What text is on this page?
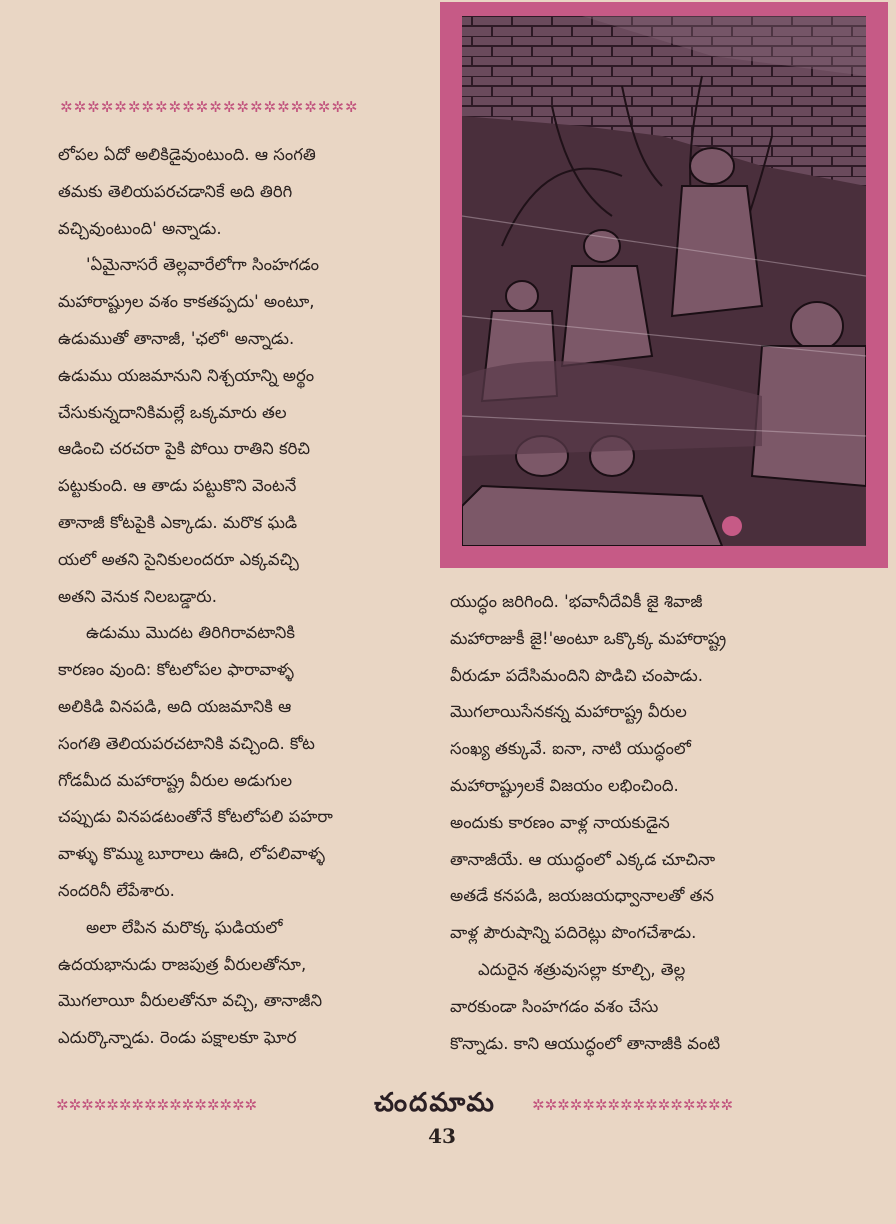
✲✲✲✲✲✲✲✲✲✲✲✲✲✲✲✲✲✲✲✲✲✲

లోపల ఏదో అలికిడైవుంటుంది. ఆ సంగతి

తమకు తెలియపరచడానికే అది తిరిగి

వచ్చివుంటుంది' అన్నాడు.

'ఏమైనాసరే తెల్లవారేలోగా సింహగడం

మహారాష్ట్రుల వశం కాకతప్పదు' అంటూ,

ఉడుముతో తానాజీ, 'ఛలో' అన్నాడు.

ఉడుము యజమానుని నిశ్చయాన్ని అర్థం

చేసుకున్నదానికిమల్లే ఒక్కమారు తల

ఆడించి చరచరా పైకి పోయి రాతిని కరిచి

పట్టుకుంది. ఆ తాడు పట్టుకొని వెంటనే

తానాజీ కోటపైకి ఎక్కాడు. మరొక ఘడి

యలో అతని సైనికులందరూ ఎక్కవచ్చి

అతని వెనుక నిలబడ్డారు.

ఉడుము మొదట తిరిగిరావటానికి

కారణం వుంది: కోటలోపల ఫారావాళ్ళ

అలికిడి వినపడి, అది యజమానికి ఆ

సంగతి తెలియపరచటానికి వచ్చింది. కోట

గోడమీద మహారాష్ట్ర వీరుల అడుగుల

చప్పుడు వినపడటంతోనే కోటలోపలి పహరా

వాళ్ళు కొమ్ము బూరాలు ఊది, లోపలివాళ్ళ

నందరినీ లేపేశారు.

అలా లేపిన మరొక్క ఘడియలో

ఉదయభానుడు రాజపుత్ర వీరులతోనూ,

మొగలాయీ వీరులతోనూ వచ్చి, తానాజీని

ఎదుర్కొన్నాడు. రెండు పక్షాలకూ ఘోర

యుద్ధం జరిగింది. 'భవానీదేవికీ జై శివాజీ

మహారాజుకీ జై!'అంటూ ఒక్కొక్క మహారాష్ట్ర

వీరుడూ పదేసిమందిని పొడిచి చంపాడు.

మొగలాయిసేనకన్న మహారాష్ట్ర వీరుల

సంఖ్య తక్కువే. ఐనా, నాటి యుద్ధంలో

మహారాష్ట్రులకే విజయం లభించింది.

అందుకు కారణం వాళ్ల నాయకుడైన

తానాజీయే. ఆ యుద్ధంలో ఎక్కడ చూచినా

అతడే కనపడి, జయజయధ్వానాలతో తన

వాళ్ల పౌరుషాన్ని పదిరెట్లు పొంగచేశాడు.

ఎదురైన శత్రువుసల్లా కూల్చి, తెల్ల

వారకుండా సింహగడం వశం చేసు

కొన్నాడు. కాని ఆయుద్ధంలో తానాజీకి వంటి

✲✲✲✲✲✲✲✲✲✲✲✲✲✲✲✲	చందమామ	✲✲✲✲✲✲✲✲✲✲✲✲✲✲✲✲
43
